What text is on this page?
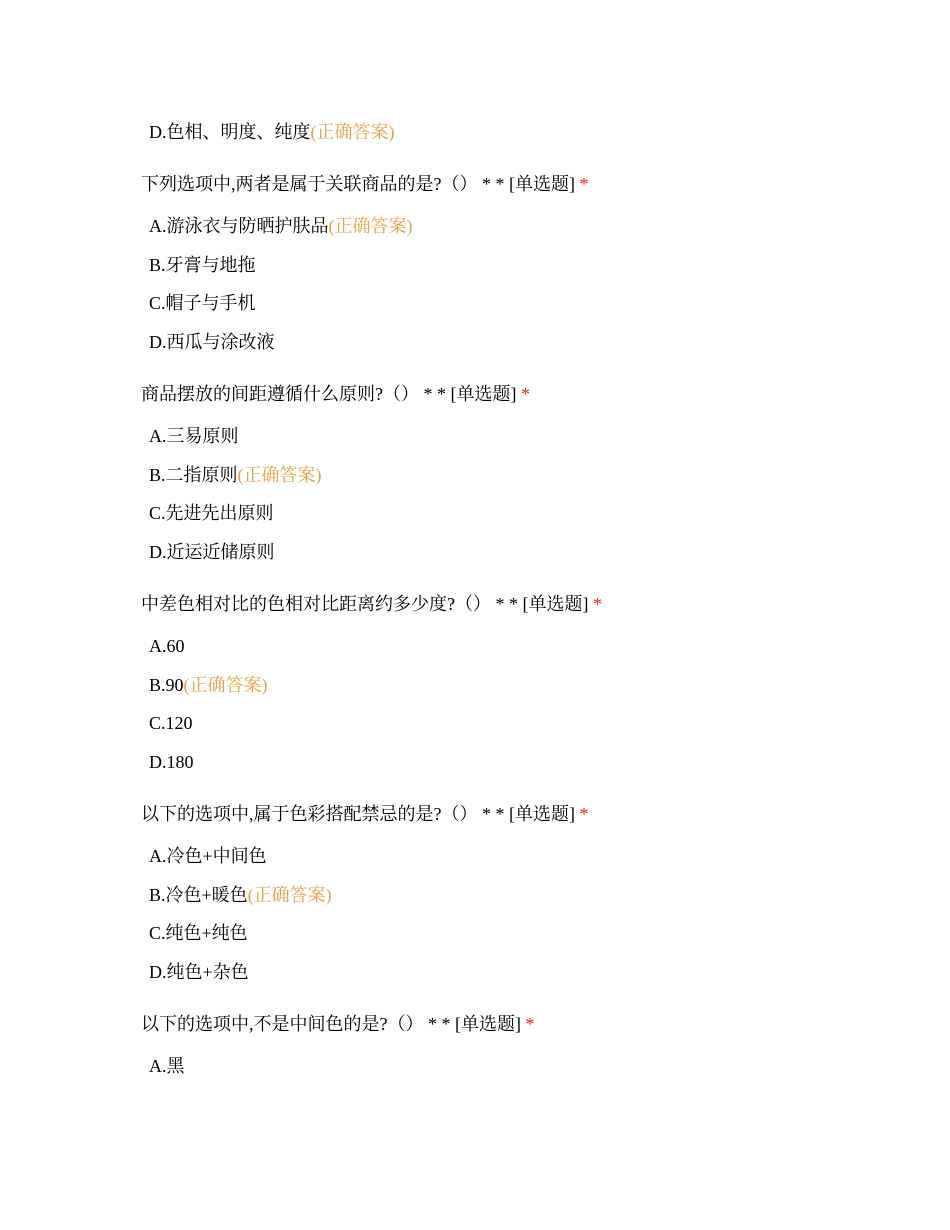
D.色相、明度、纯度(正确答案)
下列选项中,两者是属于关联商品的是?（） * * [单选题] *
A.游泳衣与防晒护肤品(正确答案)
B.牙膏与地拖
C.帽子与手机
D.西瓜与涂改液
商品摆放的间距遵循什么原则?（） * * [单选题] *
A.三易原则
B.二指原则(正确答案)
C.先进先出原则
D.近运近储原则
中差色相对比的色相对比距离约多少度?（） * * [单选题] *
A.60
B.90(正确答案)
C.120
D.180
以下的选项中,属于色彩搭配禁忌的是?（） * * [单选题] *
A.冷色+中间色
B.冷色+暖色(正确答案)
C.纯色+纯色
D.纯色+杂色
以下的选项中,不是中间色的是?（） * * [单选题] *
A.黑
